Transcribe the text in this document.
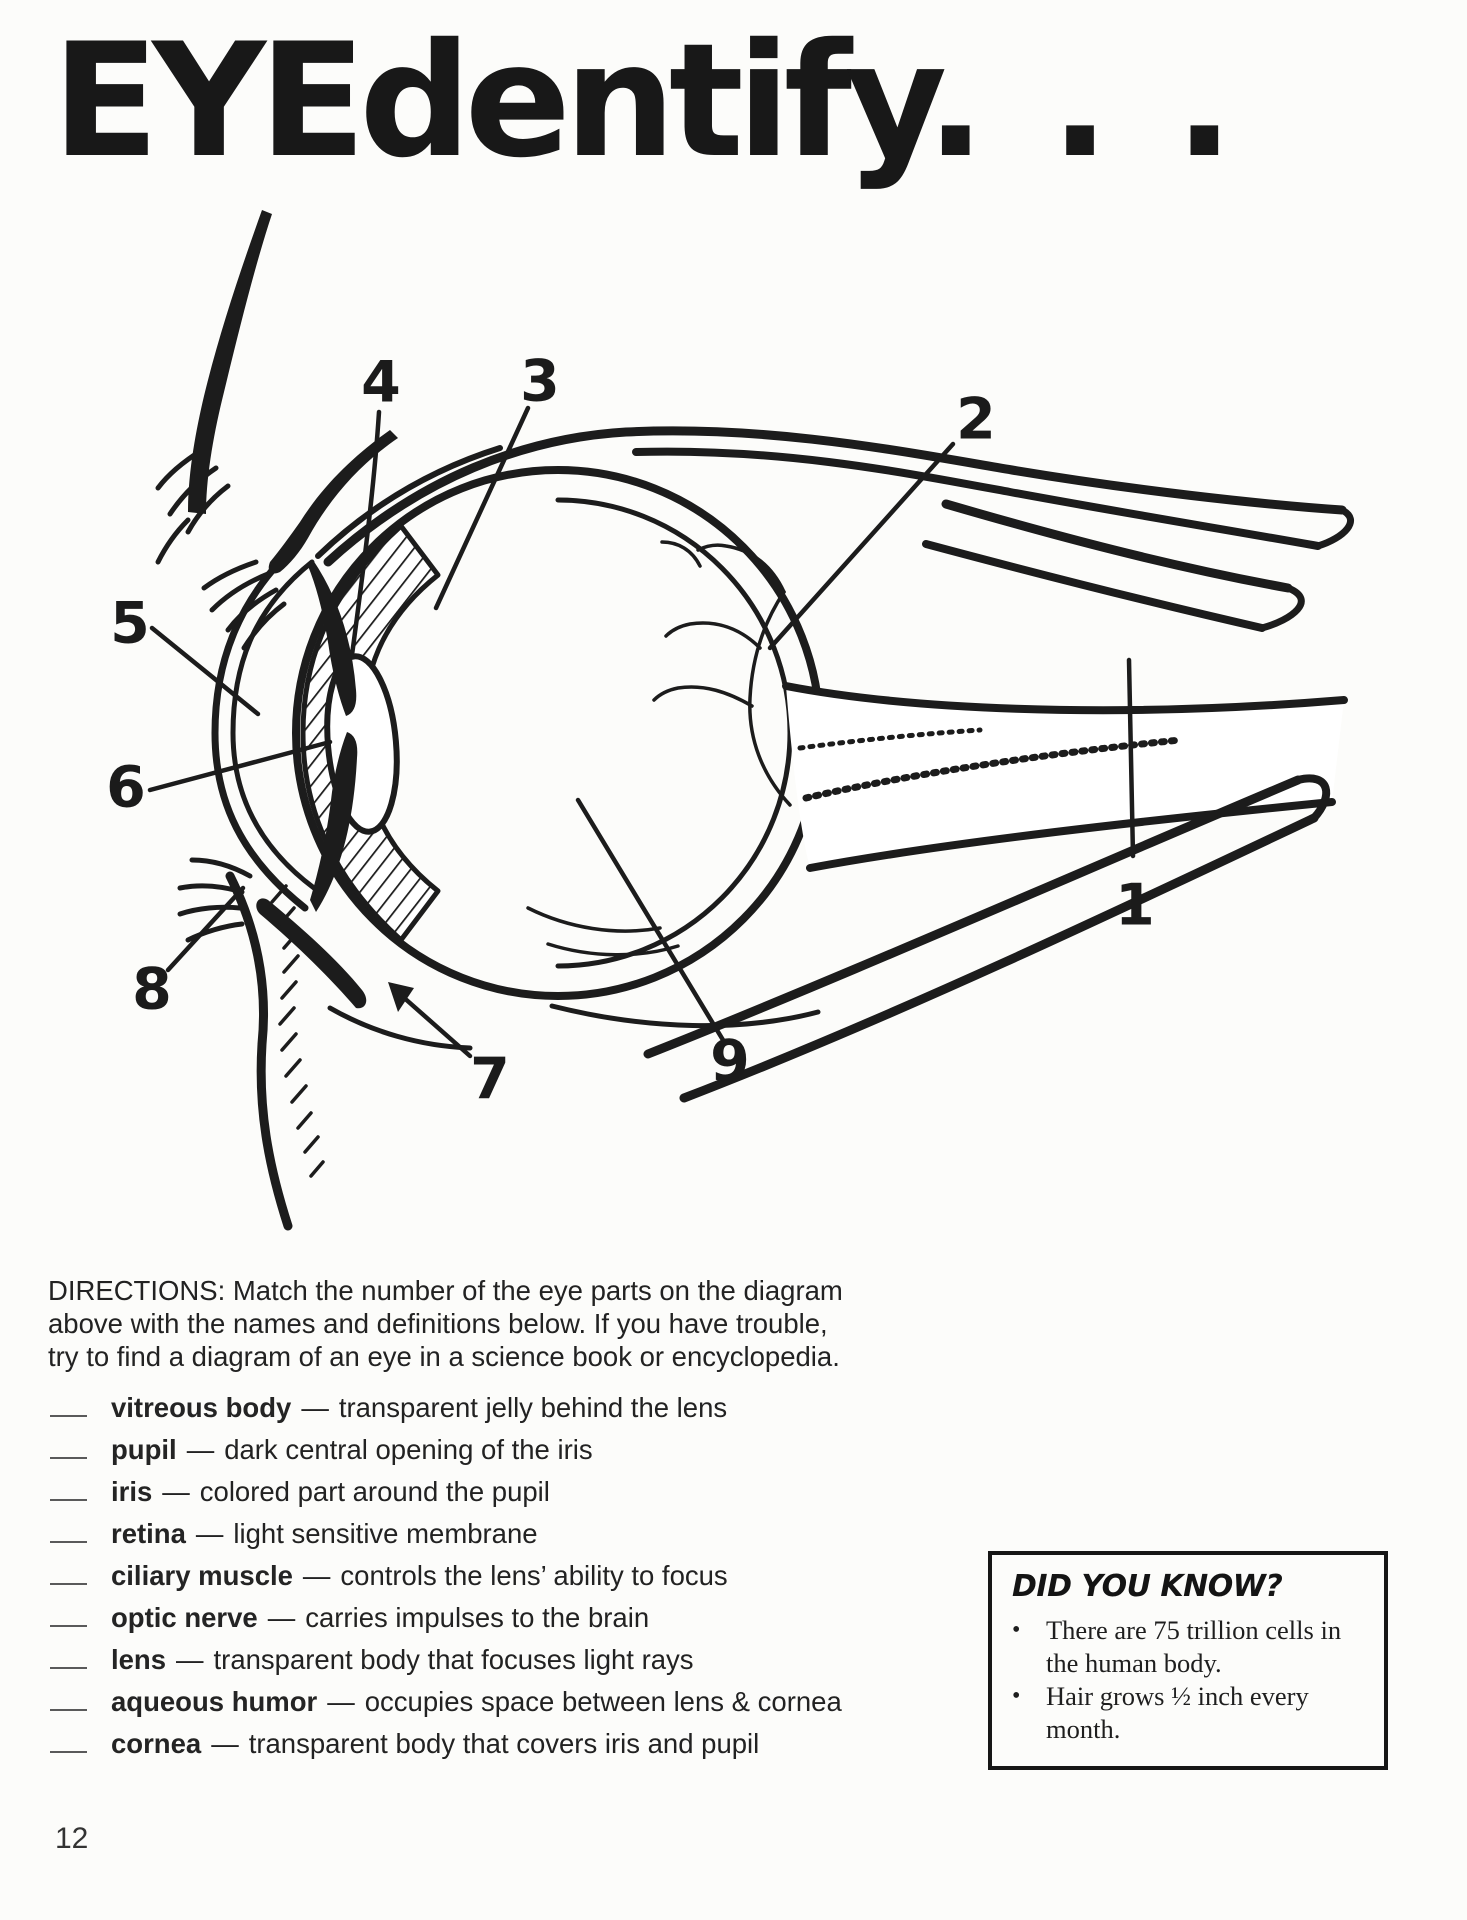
EYEdentify. . .
1
2
3
4
5
6
7
8
9
DIRECTIONS: Match the number of the eye parts on the diagram
above with the names and definitions below. If you have trouble,
try to find a diagram of an eye in a science book or encyclopedia.
vitreous body — transparent jelly behind the lens
pupil — dark central opening of the iris
iris — colored part around the pupil
retina — light sensitive membrane
ciliary muscle — controls the lens’ ability to focus
optic nerve — carries impulses to the brain
lens — transparent body that focuses light rays
aqueous humor — occupies space between lens & cornea
cornea — transparent body that covers iris and pupil
DID YOU KNOW?
• There are 75 trillion cells in the human body.
• Hair grows ½ inch every month.
12
